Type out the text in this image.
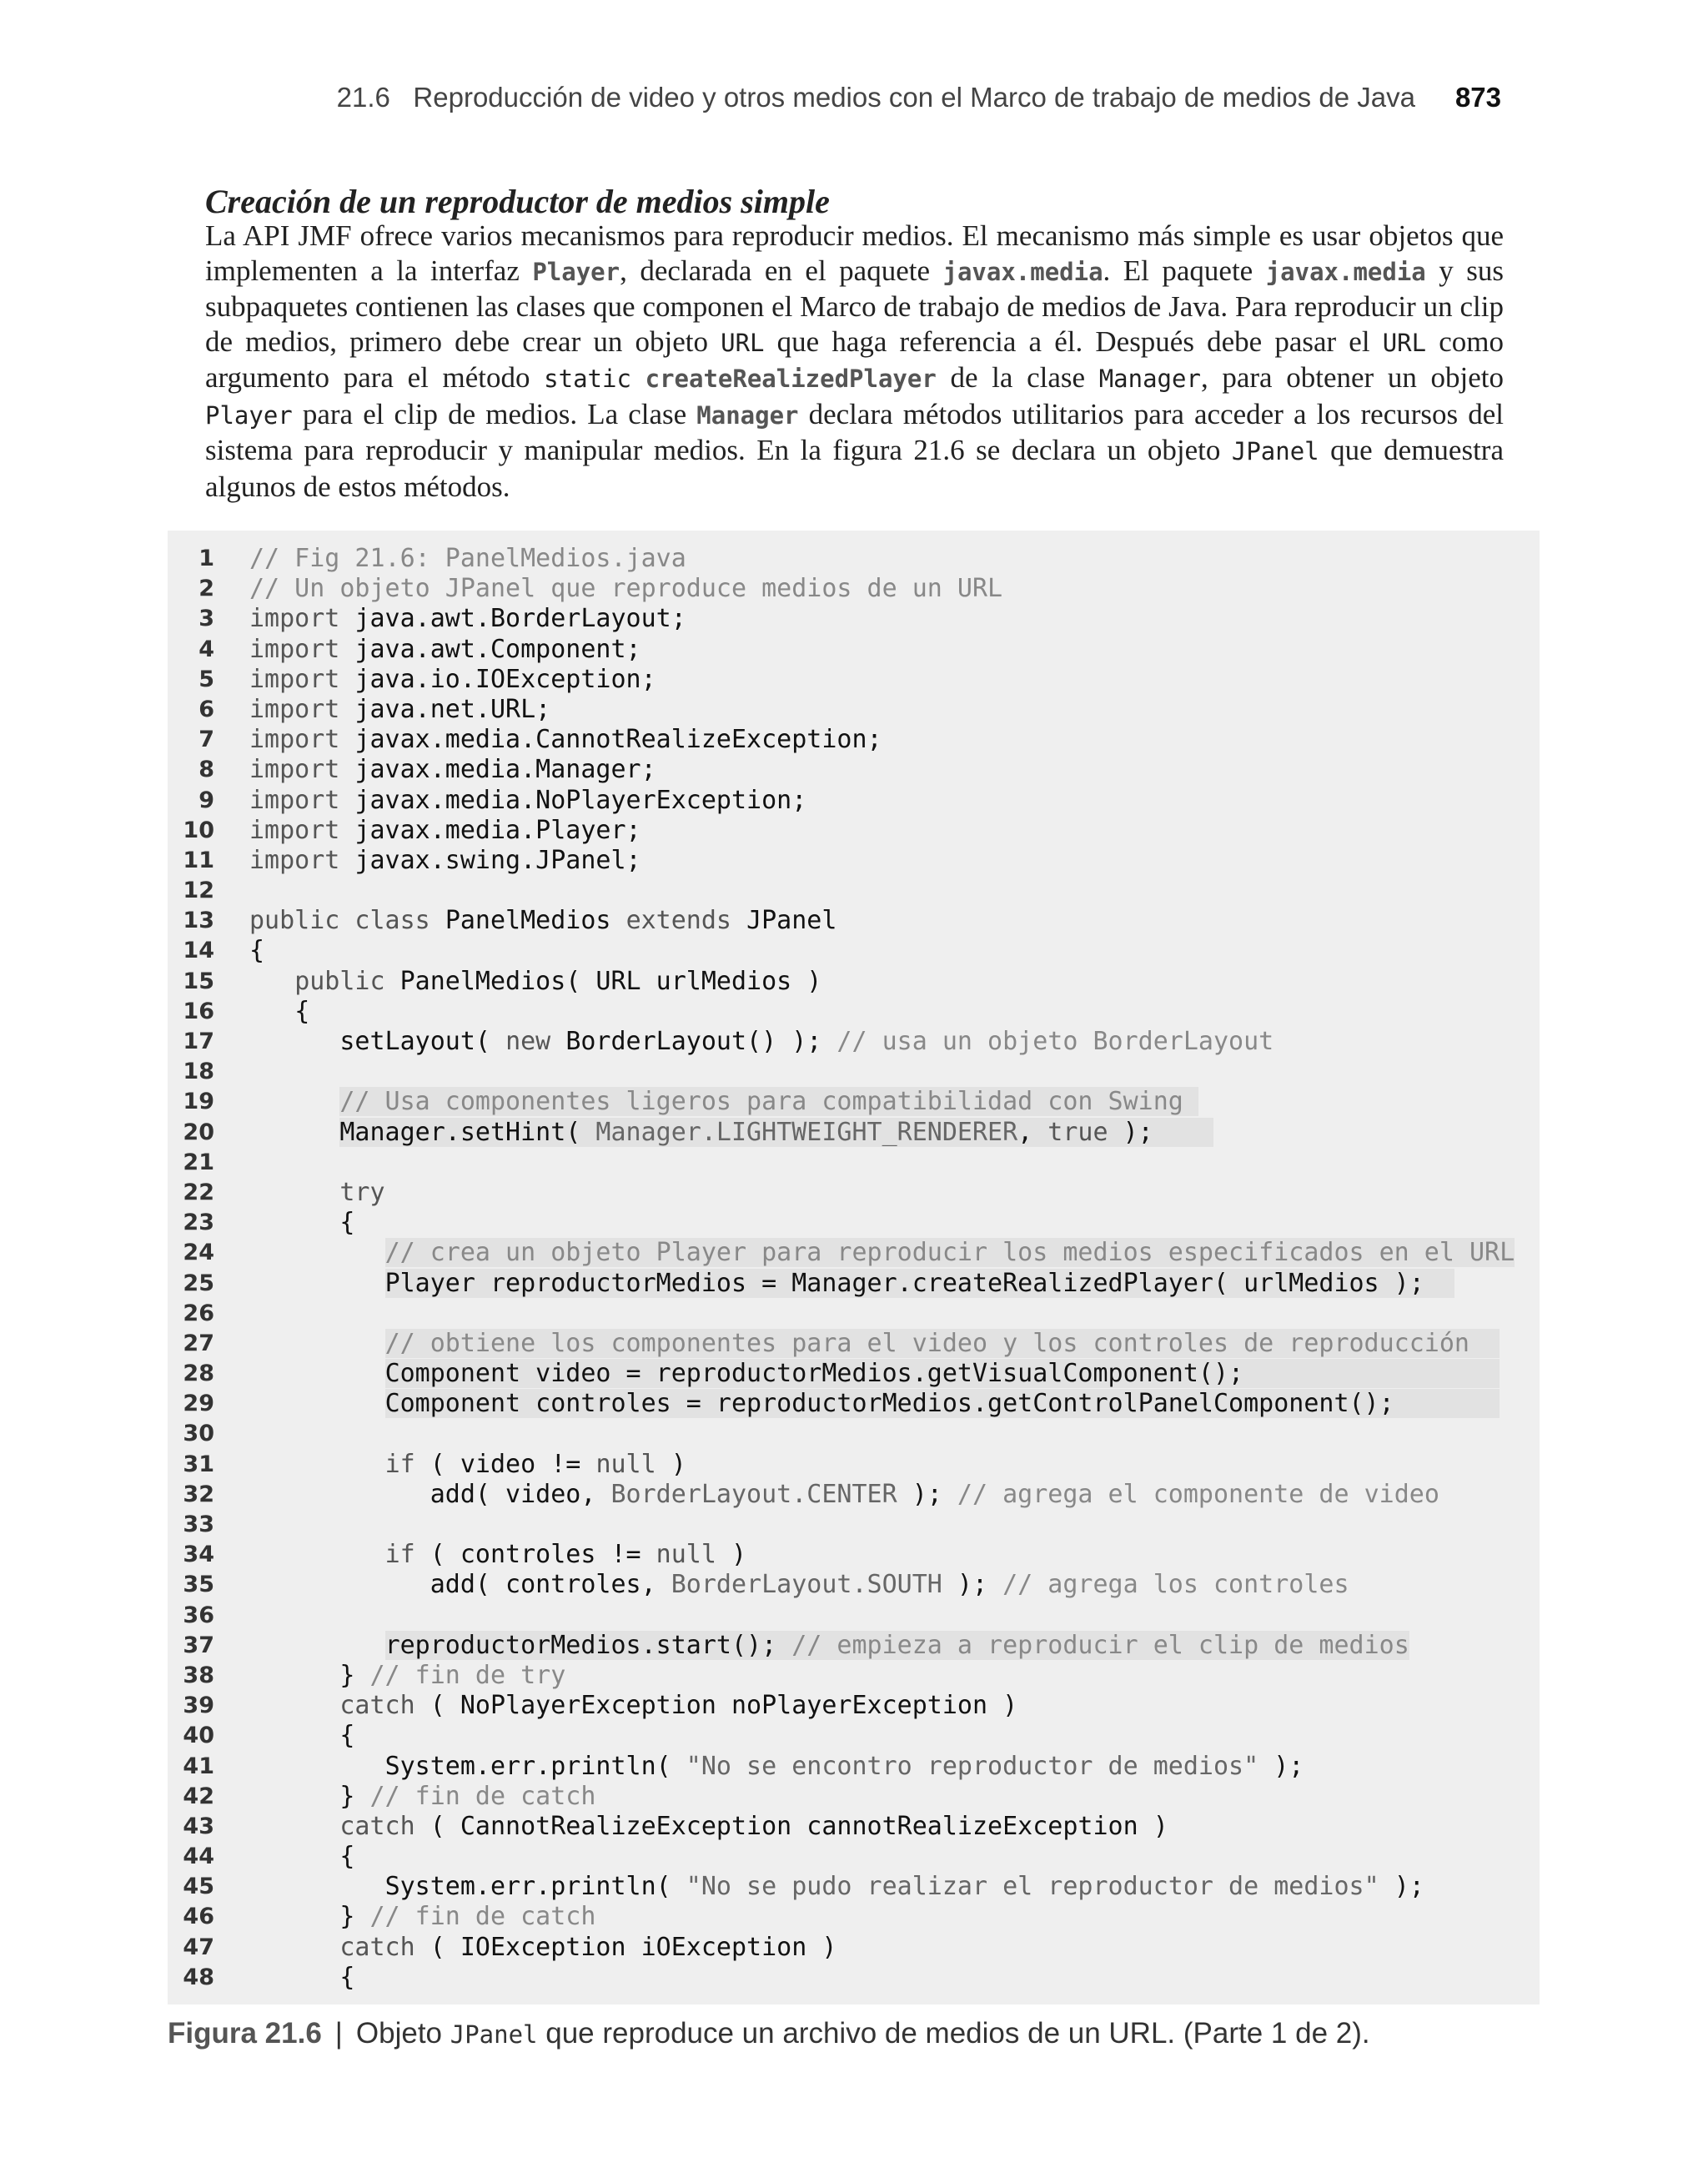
21.6 Reproducción de video y otros medios con el Marco de trabajo de medios de Java 873
Creación de un reproductor de medios simple
La API JMF ofrece varios mecanismos para reproducir medios. El mecanismo más simple es usar objetos que implementen a la interfaz Player, declarada en el paquete javax.media. El paquete javax.media y sus subpaquetes contienen las clases que componen el Marco de trabajo de medios de Java. Para reproducir un clip de medios, primero debe crear un objeto URL que haga referencia a él. Después debe pasar el URL como argumento para el método static createRealizedPlayer de la clase Manager, para obtener un objeto Player para el clip de medios. La clase Manager declara métodos utilitarios para acceder a los recursos del sistema para reproducir y manipular medios. En la figura 21.6 se declara un objeto JPanel que demuestra algunos de estos métodos.
1 // Fig 21.6: PanelMedios.java
2 // Un objeto JPanel que reproduce medios de un URL
3 import java.awt.BorderLayout;
4 import java.awt.Component;
5 import java.io.IOException;
6 import java.net.URL;
7 import javax.media.CannotRealizeException;
8 import javax.media.Manager;
9 import javax.media.NoPlayerException;
10 import javax.media.Player;
11 import javax.swing.JPanel;
12
13 public class PanelMedios extends JPanel
14 {
15	public PanelMedios( URL urlMedios )
16	{
17	setLayout( new BorderLayout() ); // usa un objeto BorderLayout
18
19	// Usa componentes ligeros para compatibilidad con Swing
20	Manager.setHint( Manager.LIGHTWEIGHT_RENDERER, true );
21
22	try
23	{
24	// crea un objeto Player para reproducir los medios especificados en el URL
25	Player reproductorMedios = Manager.createRealizedPlayer( urlMedios );
26
27	// obtiene los componentes para el video y los controles de reproducción
28	Component video = reproductorMedios.getVisualComponent();
29	Component controles = reproductorMedios.getControlPanelComponent();
30
31	if ( video != null )
32	add( video, BorderLayout.CENTER ); // agrega el componente de video
33
34	if ( controles != null )
35	add( controles, BorderLayout.SOUTH ); // agrega los controles
36
37	reproductorMedios.start(); // empieza a reproducir el clip de medios
38	} // fin de try
39	catch ( NoPlayerException noPlayerException )
40	{
41	System.err.println( "No se encontro reproductor de medios" );
42	} // fin de catch
43	catch ( CannotRealizeException cannotRealizeException )
44	{
45	System.err.println( "No se pudo realizar el reproductor de medios" );
46	} // fin de catch
47	catch ( IOException iOException )
48	{
Figura 21.6 | Objeto JPanel que reproduce un archivo de medios de un URL. (Parte 1 de 2).
